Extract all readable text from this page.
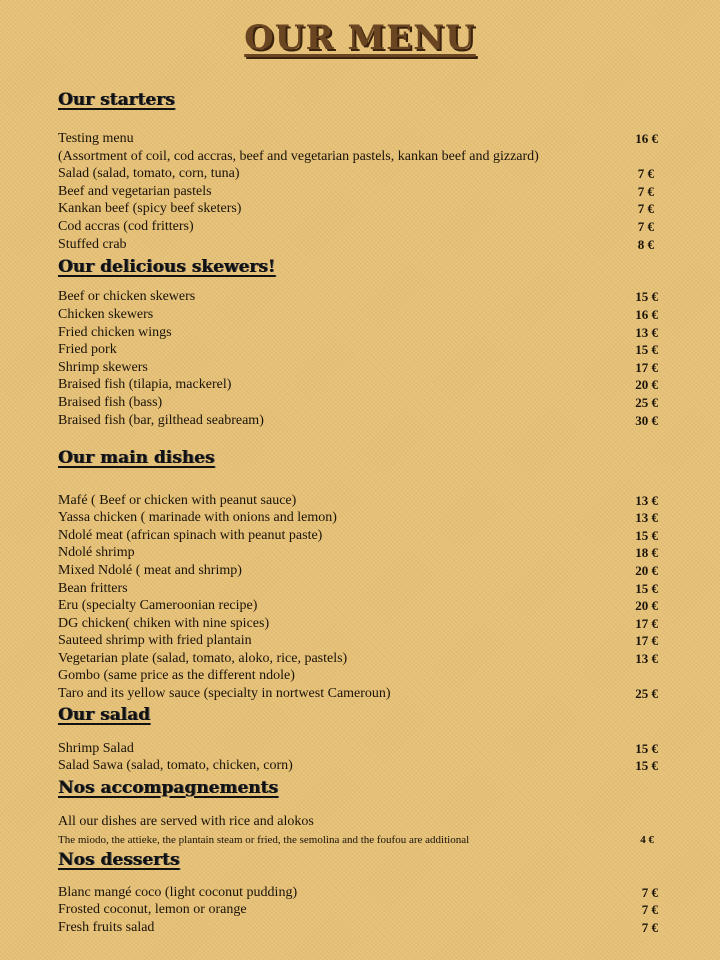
OUR MENU
Our starters
Our delicious skewers!
Our main dishes
Our salad
Nos accompagnements
Nos desserts
Testing menu	16 €
(Assortment of coil, cod accras, beef and vegetarian pastels, kankan beef and gizzard)
Salad (salad, tomato, corn, tuna)	7 €
Beef and vegetarian pastels	7 €
Kankan beef (spicy beef sketers)	7 €
Cod accras (cod fritters)	7 €
Stuffed crab	8 €
Beef or chicken skewers	15 €
Chicken skewers	16 €
Fried chicken wings	13 €
Fried pork	15 €
Shrimp skewers	17 €
Braised fish (tilapia, mackerel)	20 €
Braised fish (bass)	25 €
Braised fish (bar, gilthead seabream)	30 €
Mafé ( Beef or chicken with peanut sauce)	13 €
Yassa chicken ( marinade with onions and lemon)	13 €
Ndolé meat (african spinach with peanut paste)	15 €
Ndolé shrimp	18 €
Mixed Ndolé ( meat and shrimp)	20 €
Bean fritters	15 €
Eru (specialty Cameroonian recipe)	20 €
DG chicken( chiken with nine spices)	17 €
Sauteed shrimp with fried plantain	17 €
Vegetarian plate (salad, tomato, aloko, rice, pastels)	13 €
Gombo (same price as the different ndole)
Taro and its yellow sauce (specialty in nortwest Cameroun)	25 €
Shrimp Salad	15 €
Salad Sawa (salad, tomato, chicken, corn)	15 €
All our dishes are served with rice and alokos
The miodo, the attieke, the plantain steam or fried, the semolina and the foufou are additional	4 €
Blanc mangé coco (light coconut pudding)	7 €
Frosted coconut, lemon or orange	7 €
Fresh fruits salad	7 €
